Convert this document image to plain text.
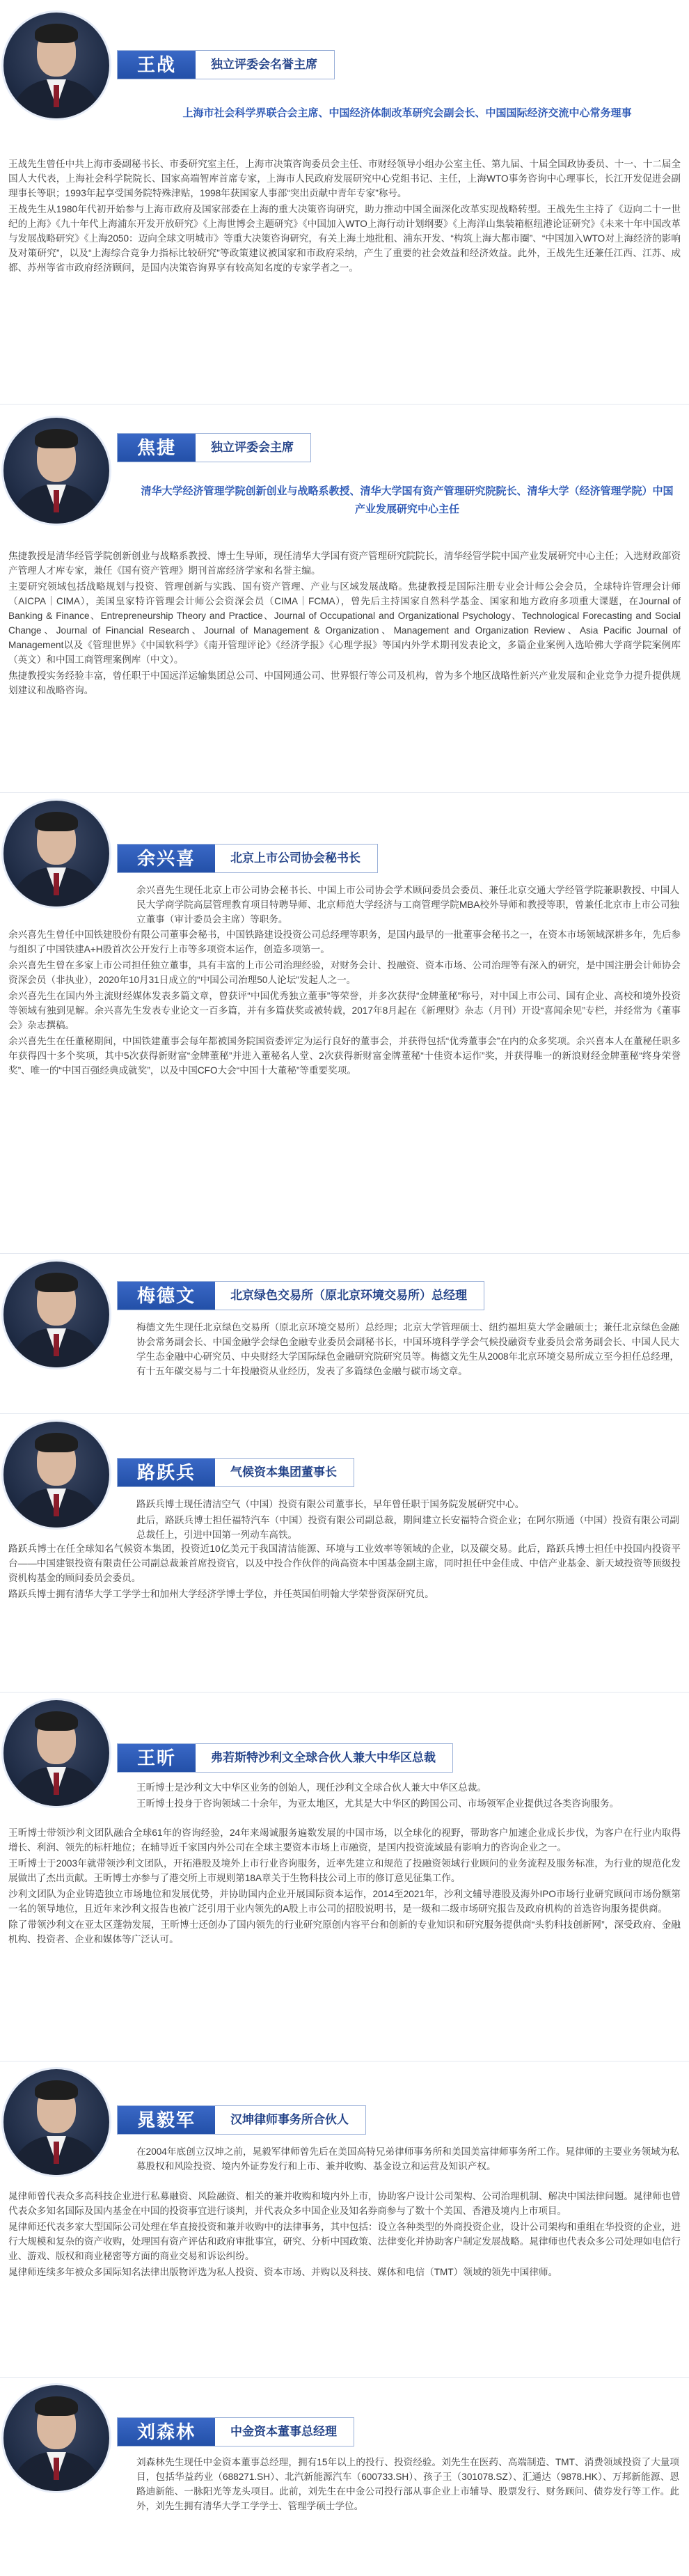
王战	独立评委会名誉主席
上海市社会科学界联合会主席、中国经济体制改革研究会副会长、中国国际经济交流中心常务理事

王战先生曾任中共上海市委副秘书长、市委研究室主任，上海市决策咨询委员会主任、市财经领导小组办公室主任、第九届、十届全国政协委员、十一、十二届全国人大代表，上海社会科学院院长、国家高端智库首席专家，上海市人民政府发展研究中心党组书记、主任，上海WTO事务咨询中心理事长，长江开发促进会副理事长等职；1993年起享受国务院特殊津贴，1998年获国家人事部“突出贡献中青年专家”称号。

王战先生从1980年代初开始参与上海市政府及国家部委在上海的重大决策咨询研究，助力推动中国全面深化改革实现战略转型。王战先生主持了《迈向二十一世纪的上海》《九十年代上海浦东开发开放研究》《上海世博会主题研究》《中国加入WTO上海行动计划纲要》《上海洋山集装箱枢纽港论证研究》《未来十年中国改革与发展战略研究》《上海2050：迈向全球文明城市》等重大决策咨询研究，有关上海土地批租、浦东开发、“构筑上海大都市圈”、“中国加入WTO对上海经济的影响及对策研究”，以及“上海综合竞争力指标比较研究”等政策建议被国家和市政府采纳，产生了重要的社会效益和经济效益。此外，王战先生还兼任江西、江苏、成都、苏州等省市政府经济顾问，是国内决策咨询界享有较高知名度的专家学者之一。

焦捷	独立评委会主席
清华大学经济管理学院创新创业与战略系教授、清华大学国有资产管理研究院院长、清华大学（经济管理学院）中国产业发展研究中心主任

焦捷教授是清华经管学院创新创业与战略系教授、博士生导师，现任清华大学国有资产管理研究院院长，清华经管学院中国产业发展研究中心主任；入选财政部资产管理人才库专家，兼任《国有资产管理》期刊首席经济学家和名誉主编。

主要研究领域包括战略规划与投资、管理创新与实践、国有资产管理、产业与区域发展战略。焦捷教授是国际注册专业会计师公会会员，全球特许管理会计师（AICPA｜CIMA），美国皇家特许管理会计师公会资深会员（CIMA｜FCMA），曾先后主持国家自然科学基金、国家和地方政府多项重大课题，在Journal of Banking & Finance、Entrepreneurship Theory and Practice、Journal of Occupational and Organizational Psychology、Technological Forecasting and Social Change、Journal of Financial Research、Journal of Management & Organization、Management and Organization Review、Asia Pacific Journal of Management以及《管理世界》《中国软科学》《南开管理评论》《经济学报》《心理学报》等国内外学术期刊发表论文，多篇企业案例入选哈佛大学商学院案例库（英文）和中国工商管理案例库（中文）。

焦捷教授实务经验丰富，曾任职于中国远洋运输集团总公司、中国网通公司、世界银行等公司及机构，曾为多个地区战略性新兴产业发展和企业竞争力提升提供规划建议和战略咨询。

余兴喜	北京上市公司协会秘书长

余兴喜先生现任北京上市公司协会秘书长、中国上市公司协会学术顾问委员会委员、兼任北京交通大学经管学院兼职教授、中国人民大学商学院高层管理教育项目特聘导师、北京师范大学经济与工商管理学院MBA校外导师和教授等职，曾兼任北京市上市公司独立董事（审计委员会主席）等职务。

余兴喜先生曾任中国铁建股份有限公司董事会秘书，中国铁路建设投资公司总经理等职务，是国内最早的一批董事会秘书之一，在资本市场领域深耕多年，先后参与组织了中国铁建A+H股首次公开发行上市等多项资本运作，创造多项第一。

余兴喜先生曾在多家上市公司担任独立董事，具有丰富的上市公司治理经验，对财务会计、投融资、资本市场、公司治理等有深入的研究，是中国注册会计师协会资深会员（非执业），2020年10月31日成立的“中国公司治理50人论坛”发起人之一。

余兴喜先生在国内外主流财经媒体发表多篇文章，曾获评“中国优秀独立董事”等荣誉，并多次获得“金牌董秘”称号，对中国上市公司、国有企业、高校和境外投资等领域有独到见解。余兴喜先生发表专业论文一百多篇，并有多篇获奖或被转载，2017年8月起在《新理财》杂志（月刊）开设“喜闻余见”专栏，并经常为《董事会》杂志撰稿。

余兴喜先生在任董秘期间，中国铁建董事会每年都被国务院国资委评定为运行良好的董事会，并获得包括“优秀董事会”在内的众多奖项。余兴喜本人在董秘任职多年获得四十多个奖项，其中5次获得新财富“金牌董秘”并进入董秘名人堂、2次获得新财富金牌董秘“十佳资本运作”奖，并获得唯一的新浪财经金牌董秘“终身荣誉奖”、唯一的“中国百强经典成就奖”，以及中国CFO大会“中国十大董秘”等重要奖项。

梅德文	北京绿色交易所（原北京环境交易所）总经理

梅德文先生现任北京绿色交易所（原北京环境交易所）总经理；北京大学管理硕士、纽约福坦莫大学金融硕士；兼任北京绿色金融协会常务副会长、中国金融学会绿色金融专业委员会副秘书长，中国环境科学学会气候投融资专业委员会常务副会长、中国人民大学生态金融中心研究员、中央财经大学国际绿色金融研究院研究员等。梅德文先生从2008年北京环境交易所成立至今担任总经理，有十五年碳交易与二十年投融资从业经历，发表了多篇绿色金融与碳市场文章。

路跃兵	气候资本集团董事长

路跃兵博士现任清洁空气（中国）投资有限公司董事长，早年曾任职于国务院发展研究中心。

此后，路跃兵博士担任福特汽车（中国）投资有限公司副总裁，期间建立长安福特合资企业；在阿尔斯通（中国）投资有限公司副总裁任上，引进中国第一列动车高铁。

路跃兵博士在任全球知名气候资本集团，投资近10亿美元于我国清洁能源、环境与工业效率等领域的企业，以及碳交易。此后，路跃兵博士担任中投国内投资平台——中国建银投资有限责任公司副总裁兼首席投资官，以及中投合作伙伴的尚高资本中国基金副主席，同时担任中金佳成、中信产业基金、新天域投资等顶级投资机构基金的顾问委员会委员。

路跃兵博士拥有清华大学工学学士和加州大学经济学博士学位，并任英国伯明翰大学荣誉资深研究员。

王昕	弗若斯特沙利文全球合伙人兼大中华区总裁

王昕博士是沙利文大中华区业务的创始人，现任沙利文全球合伙人兼大中华区总裁。

王昕博士投身于咨询领域二十余年，为亚太地区，尤其是大中华区的跨国公司、市场领军企业提供过各类咨询服务。

王昕博士带领沙利文团队融合全球61年的咨询经验，24年来竭诚服务遍数发展的中国市场，以全球化的视野，帮助客户加速企业成长步伐，为客户在行业内取得增长、利润、领先的标杆地位；在辅导近千家国内外公司在全球主要资本市场上市融资，是国内投资流域最有影响力的咨询企业之一。

王昕博士于2003年就带领沙利文团队，开拓港股及境外上市行业咨询服务，近率先建立和规范了投融资领域行业顾问的业务流程及服务标准，为行业的规范化发展做出了杰出贡献。王昕博士亦参与了港交所上市规则第18A章关于生物科技公司上市的修订意见征集工作。

沙利文团队为企业铸造独立市场地位和发展优势，并协助国内企业开展国际资本运作，2014至2021年，沙利文辅导港股及海外IPO市场行业研究顾问市场份额第一名的领导地位，且近年来沙利文报告也被广泛引用于业内领先的A股上市公司的招股说明书，是一级和二级市场研究报告及政府机构的首选咨询服务提供商。

除了带领沙利文在亚太区蓬勃发展，王昕博士还创办了国内领先的行业研究原创内容平台和创新的专业知识和研究服务提供商“头豹科技创新网”，深受政府、金融机构、投资者、企业和媒体等广泛认可。

晁毅军	汉坤律师事务所合伙人

在2004年底创立汉坤之前，晁毅军律师曾先后在美国高特兄弟律师事务所和美国美富律师事务所工作。晁律师的主要业务领域为私募股权和风险投资、境内外证券发行和上市、兼并收购、基金设立和运营及知识产权。

晁律师曾代表众多高科技企业进行私募融资、风险融资、相关的兼并收购和境内外上市，协助客户设计公司架构、公司治理机制、解决中国法律问题。晁律师也曾代表众多知名国际及国内基金在中国的投资事宜进行谈判，并代表众多中国企业及知名券商参与了数十个美国、香港及境内上市项目。

晁律师还代表多家大型国际公司处理在华直接投资和兼并收购中的法律事务，其中包括：设立各种类型的外商投资企业，设计公司架构和重组在华投资的企业，进行大规模和复杂的资产收购，处理国有资产评估和政府审批事宜，研究、分析中国政策、法律变化并协助客户制定发展战略。晁律师也代表众多公司处理如电信行业、游戏、版权和商业秘密等方面的商业交易和诉讼纠纷。

晁律师连续多年被众多国际知名法律出版物评选为私人投资、资本市场、并购以及科技、媒体和电信（TMT）领域的领先中国律师。

刘森林	中金资本董事总经理

刘森林先生现任中金资本董事总经理，拥有15年以上的投行、投资经验。刘先生在医药、高端制造、TMT、消费领域投资了大量项目，包括华益药业（688271.SH）、北汽新能源汽车（600733.SH）、孩子王（301078.SZ）、汇通达（9878.HK）、万邦新能源、恩路迪新能、一脉阳光等龙头项目。此前，刘先生在中金公司投行部从事企业上市辅导、股票发行、财务顾问、债券发行等工作。此外，刘先生拥有清华大学工学学士、管理学硕士学位。
